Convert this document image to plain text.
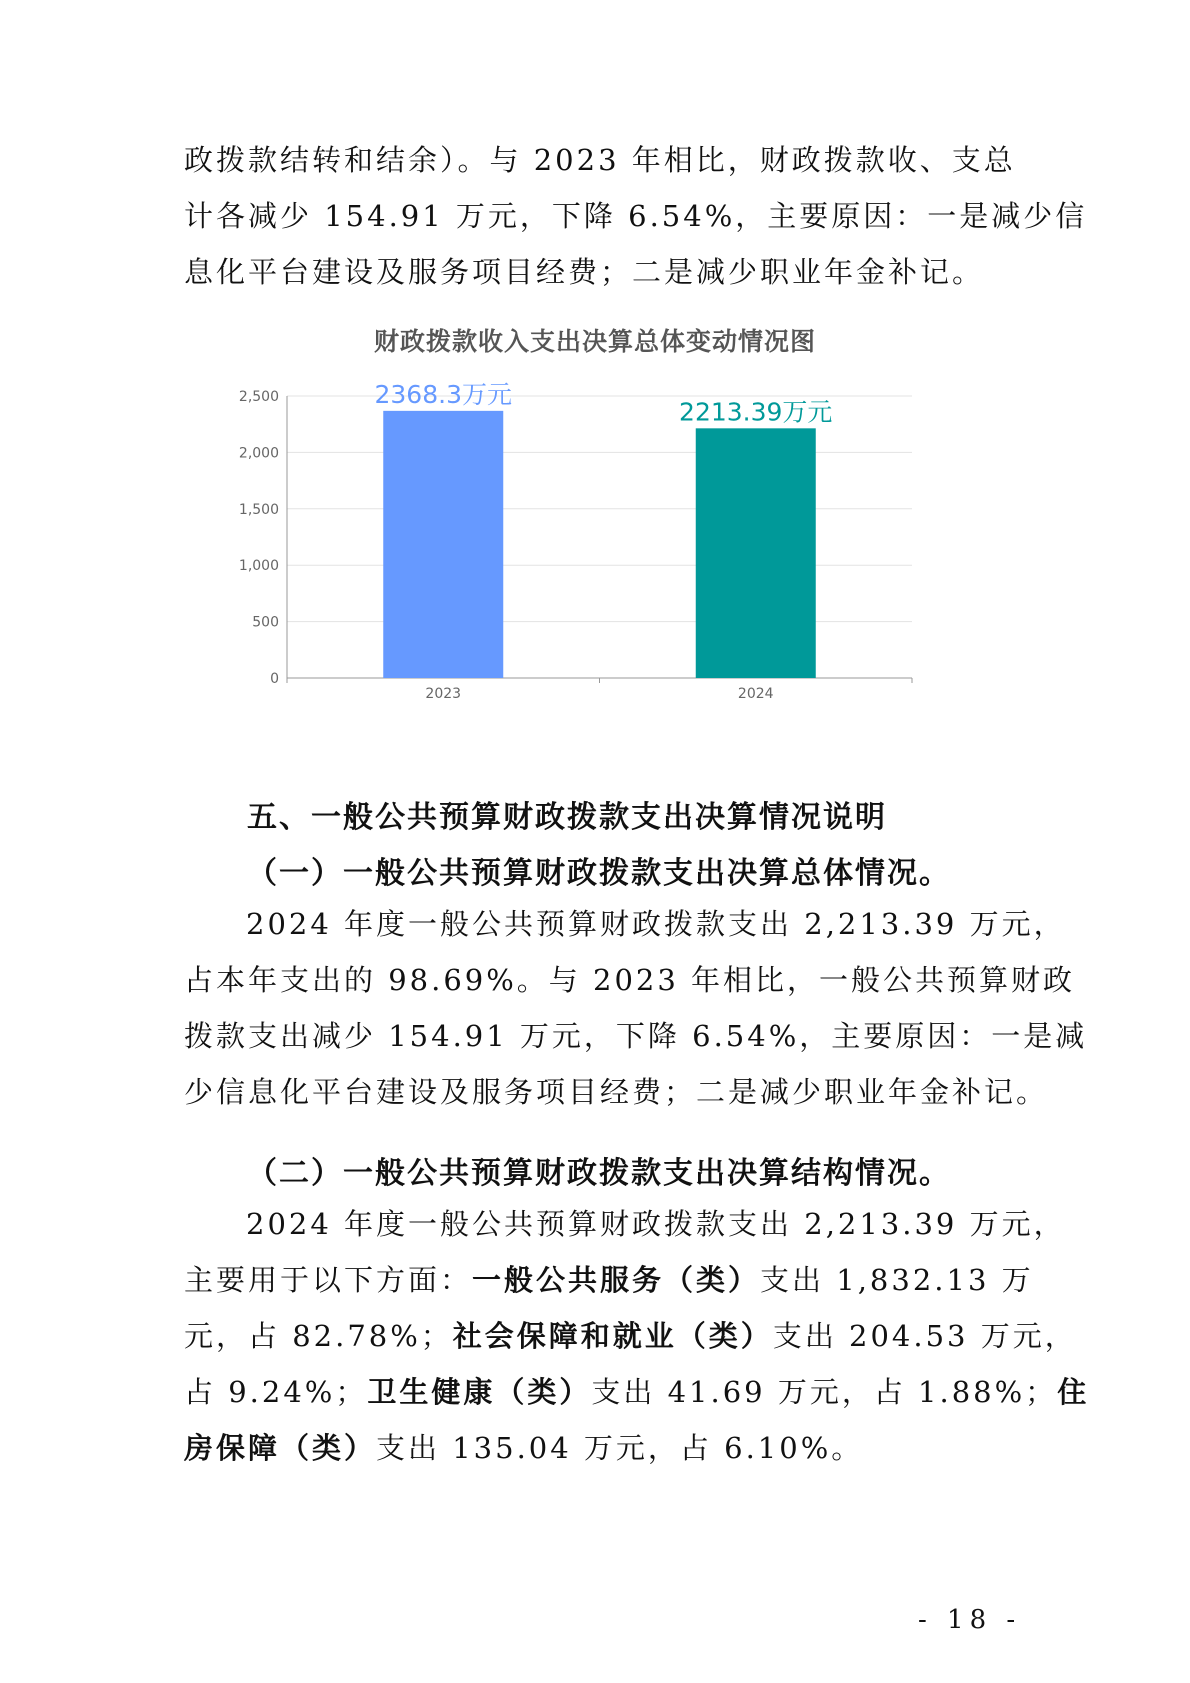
政拨款结转和结余）。与 2023 年相比，财政拨款收、支总
计各减少 154.91 万元，下降 6.54%，主要原因：一是减少信
息化平台建设及服务项目经费；二是减少职业年金补记。
财政拨款收入支出决算总体变动情况图
0
500
1,000
1,500
2,000
2,500	2368.3万元
2023
2213.39万元
2024
五、一般公共预算财政拨款支出决算情况说明
（一）一般公共预算财政拨款支出决算总体情况。
2024 年度一般公共预算财政拨款支出 2,213.39 万元，
占本年支出的 98.69%。与 2023 年相比，一般公共预算财政
拨款支出减少 154.91 万元，下降 6.54%，主要原因：一是减
少信息化平台建设及服务项目经费；二是减少职业年金补记。
（二）一般公共预算财政拨款支出决算结构情况。
2024 年度一般公共预算财政拨款支出 2,213.39 万元，
主要用于以下方面：一般公共服务（类）支出 1,832.13 万
元，占 82.78%；社会保障和就业（类）支出 204.53 万元，
占 9.24%；卫生健康（类）支出 41.69 万元，占 1.88%；住
房保障（类）支出 135.04 万元，占 6.10%。
- 18 -
